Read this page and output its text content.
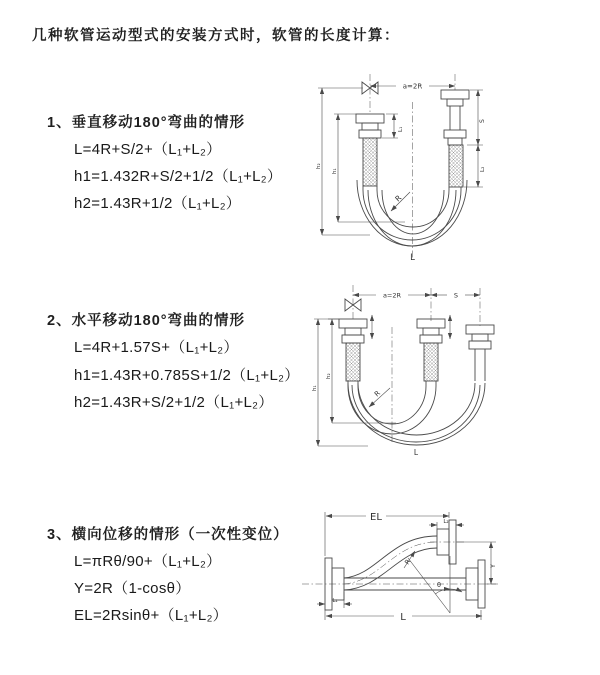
几种软管运动型式的安装方式时，软管的长度计算：
1、垂直移动180°弯曲的情形
L=4R+S/2+（L₁+L₂）
h1=1.432R+S/2+1/2（L₁+L₂）
h2=1.43R+1/2（L₁+L₂）
2、水平移动180°弯曲的情形
L=4R+1.57S+（L₁+L₂）
h1=1.43R+0.785S+1/2（L₁+L₂）
h2=1.43R+S/2+1/2（L₁+L₂）
3、横向位移的情形（一次性变位）
L=πRθ/90+（L₁+L₂）
Y=2R（1-cosθ）
EL=2Rsinθ+（L₁+L₂）
a=2R
L₁
S
L₂
h₁
h₂
R
L
a=2R	S
h₂
h₁
R
L
EL	L₂
Y
θ
R
L
L₁
